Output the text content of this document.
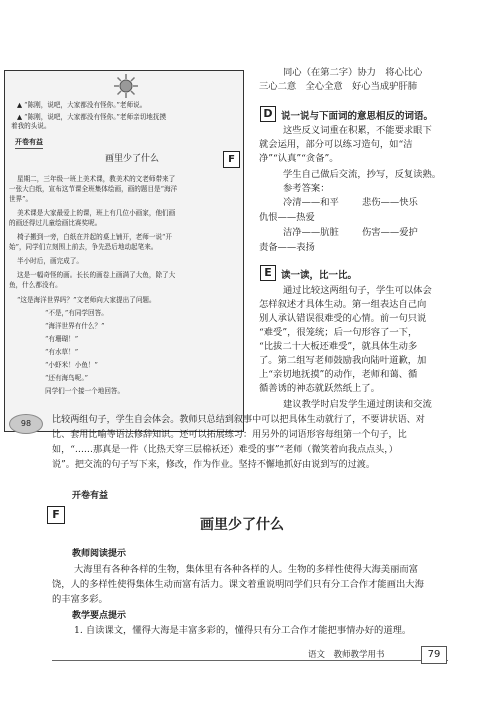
▲ “陈刚，说吧，大家都没有怪你。”老师说。
▲ “陈刚，说吧，大家都没有怪你。”老师亲切地抚摸
着我的头说。
开卷有益
画里少了什么	F
星期二，三年级一班上美术课，教美术的文老师带来了
一张大白纸，宣布这节课全班集体绘画，画的题目是“海洋
世界”。
美术课是大家最爱上的课，班上有几位小画家，他们画
的画还得过儿童绘画比赛奖呢。
椅子搬到一旁，白纸在并起的桌上铺开，老师一说“开
始”，同学们立刻围上前去，争先恐后地动起笔来。
半小时后，画完成了。
这是一幅奇怪的画。长长的画卷上画满了大鱼，除了大
鱼，什么都没有。
“这是海洋世界吗？”文老师向大家提出了问题。
“不是，”有同学回答。
“海洋世界有什么？”
“有珊瑚！”
“有水草！”
“小虾米！小鱼！”
“还有海鸟呢。”
同学们一个接一个地回答。
98
同心（在第二字）协力　将心比心
三心二意　全心全意　好心当成驴肝肺
D 说一说与下面词的意思相反的词语。
这些反义词重在积累，不能要求眼下
就会运用，部分可以练习造句，如“洁
净”“认真”“贪备”。
学生自己做后交流，抄写，反复读熟。
参考答案：
冷清——和平 悲伤——快乐
仇恨——热爱
洁净——肮脏 伤害——爱护
责备——表扬
E 读一读，比一比。
通过比较这两组句子，学生可以体会
怎样叙述才具体生动。第一组表达自己向
别人承认错误很难受的心情。前一句只说
“难受”，很笼统；后一句形容了一下，
“比拔二十大板还难受”，就具体生动多
了。第二组写老师鼓励我向陆叶道歉，加
上“亲切地抚摸”的动作，老师和蔼、循
循善诱的神态就跃然纸上了。
建议教学时启发学生通过朗读和交流
比较两组句子，学生自会体会。教师只总结到叙事中可以把具体生动就行了，不要讲状语、对
比、套用比喻等语法修辞知识。还可以拓展练习：用另外的词语形容每组第一个句子，比
如，“……那真是一件（比热天穿三层棉袄还）难受的事”“老师（微笑着向我点点头，）
说”。把交流的句子写下来，修改，作为作业。坚持不懈地抓好由说到写的过渡。
开卷有益
F
画里少了什么
教师阅读提示
大海里有各种各样的生物，集体里有各种各样的人。生物的多样性使得大海美丽而富
饶，人的多样性使得集体生动而富有活力。课文着重说明同学们只有分工合作才能画出大海
的丰富多彩。
教学要点提示
1. 自读课文，懂得大海是丰富多彩的，懂得只有分工合作才能把事情办好的道理。
语文　教师教学用书	79
